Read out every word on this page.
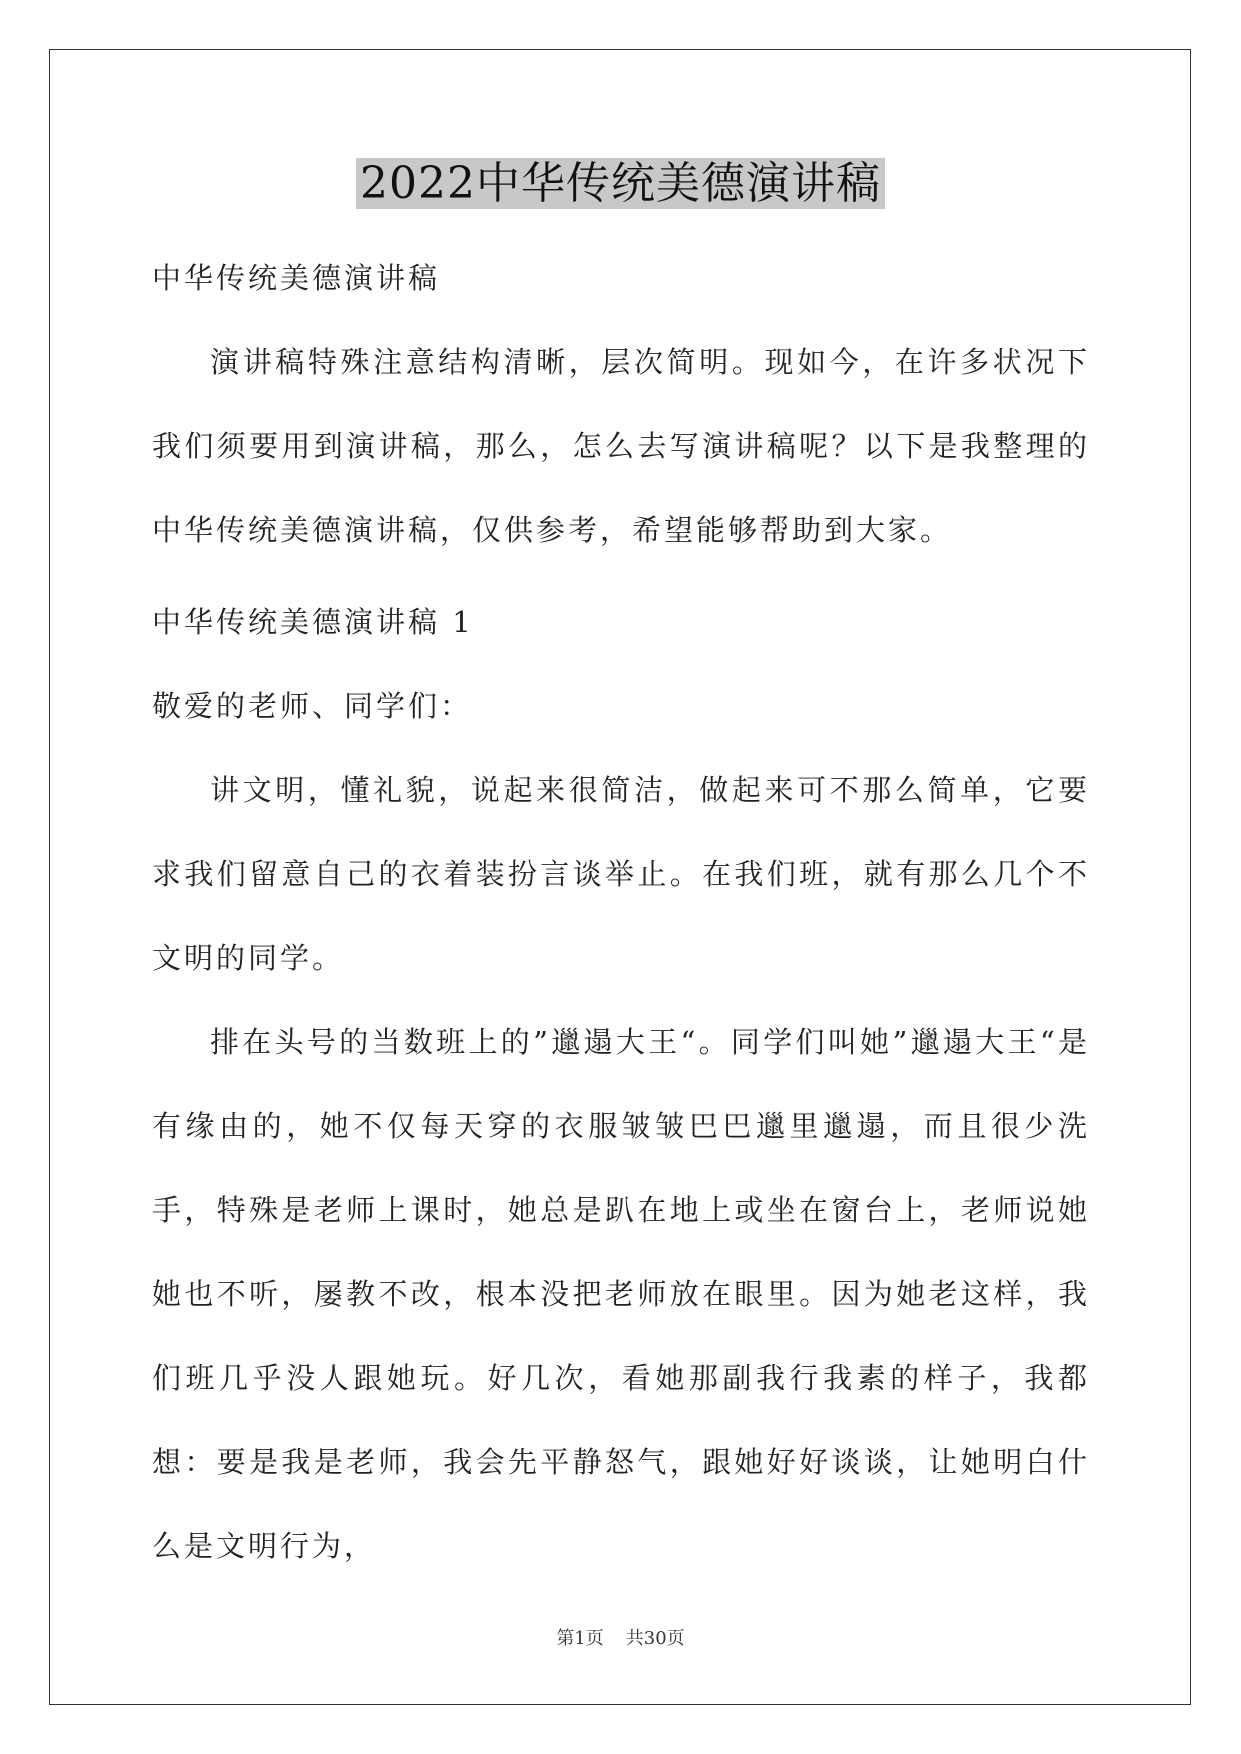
2022中华传统美德演讲稿

中华传统美德演讲稿

演讲稿特殊注意结构清晰，层次简明。现如今，在许多状况下我们须要用到演讲稿，那么，怎么去写演讲稿呢？以下是我整理的中华传统美德演讲稿，仅供参考，希望能够帮助到大家。

中华传统美德演讲稿 1

敬爱的老师、同学们：

讲文明，懂礼貌，说起来很简洁，做起来可不那么简单，它要求我们留意自己的衣着装扮言谈举止。在我们班，就有那么几个不文明的同学。

排在头号的当数班上的”邋遢大王“。同学们叫她”邋遢大王“是有缘由的，她不仅每天穿的衣服皱皱巴巴邋里邋遢，而且很少洗手，特殊是老师上课时，她总是趴在地上或坐在窗台上，老师说她她也不听，屡教不改，根本没把老师放在眼里。因为她老这样，我们班几乎没人跟她玩。好几次，看她那副我行我素的样子，我都想：要是我是老师，我会先平静怒气，跟她好好谈谈，让她明白什么是文明行为，

第1页 共30页
